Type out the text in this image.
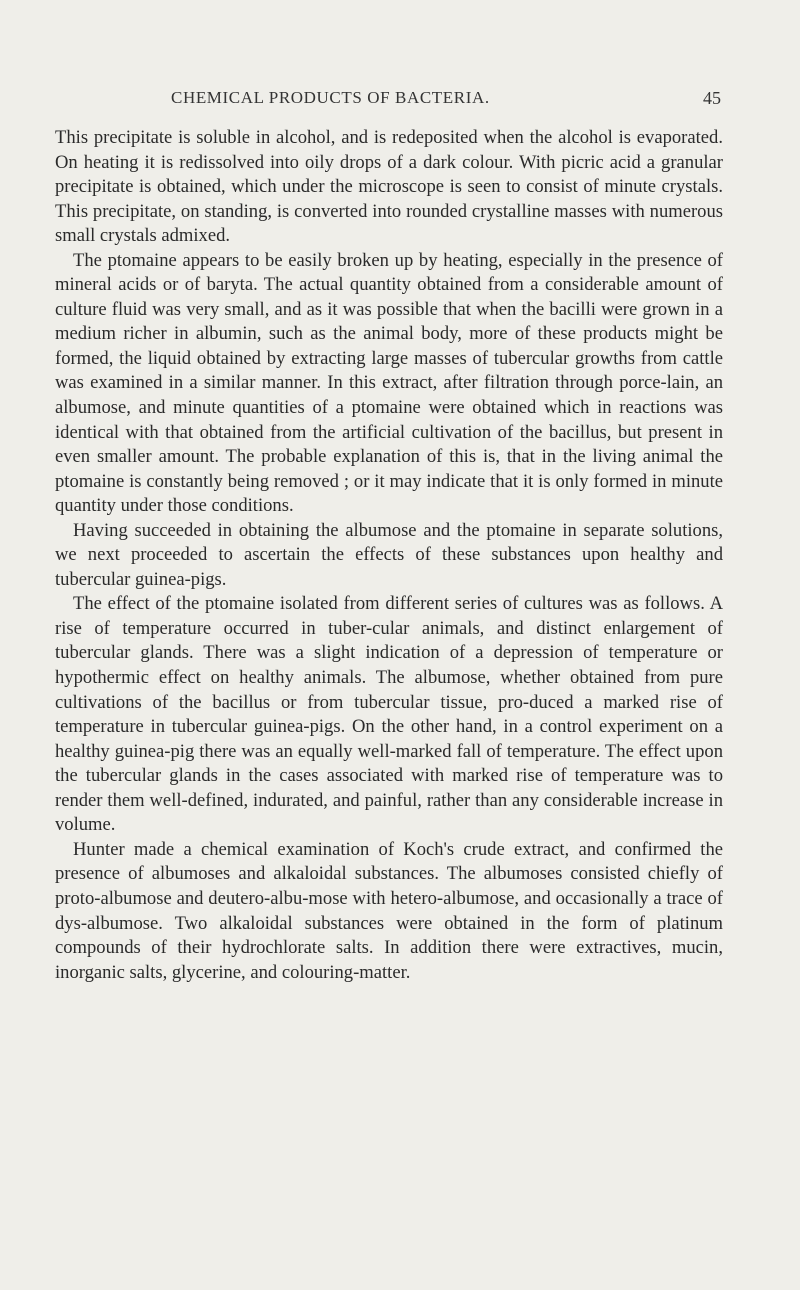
CHEMICAL PRODUCTS OF BACTERIA.	45

This precipitate is soluble in alcohol, and is redeposited when the alcohol is evaporated. On heating it is redissolved into oily drops of a dark colour. With picric acid a granular precipitate is obtained, which under the microscope is seen to consist of minute crystals. This precipitate, on standing, is converted into rounded crystalline masses with numerous small crystals admixed.

The ptomaine appears to be easily broken up by heating, especially in the presence of mineral acids or of baryta. The actual quantity obtained from a considerable amount of culture fluid was very small, and as it was possible that when the bacilli were grown in a medium richer in albumin, such as the animal body, more of these products might be formed, the liquid obtained by extracting large masses of tubercular growths from cattle was examined in a similar manner. In this extract, after filtration through porce-lain, an albumose, and minute quantities of a ptomaine were obtained which in reactions was identical with that obtained from the artificial cultivation of the bacillus, but present in even smaller amount. The probable explanation of this is, that in the living animal the ptomaine is constantly being removed ; or it may indicate that it is only formed in minute quantity under those conditions.

Having succeeded in obtaining the albumose and the ptomaine in separate solutions, we next proceeded to ascertain the effects of these substances upon healthy and tubercular guinea-pigs.

The effect of the ptomaine isolated from different series of cultures was as follows. A rise of temperature occurred in tuber-cular animals, and distinct enlargement of tubercular glands. There was a slight indication of a depression of temperature or hypothermic effect on healthy animals. The albumose, whether obtained from pure cultivations of the bacillus or from tubercular tissue, pro-duced a marked rise of temperature in tubercular guinea-pigs. On the other hand, in a control experiment on a healthy guinea-pig there was an equally well-marked fall of temperature. The effect upon the tubercular glands in the cases associated with marked rise of temperature was to render them well-defined, indurated, and painful, rather than any considerable increase in volume.

Hunter made a chemical examination of Koch's crude extract, and confirmed the presence of albumoses and alkaloidal substances. The albumoses consisted chiefly of proto-albumose and deutero-albu-mose with hetero-albumose, and occasionally a trace of dys-albumose. Two alkaloidal substances were obtained in the form of platinum compounds of their hydrochlorate salts. In addition there were extractives, mucin, inorganic salts, glycerine, and colouring-matter.
